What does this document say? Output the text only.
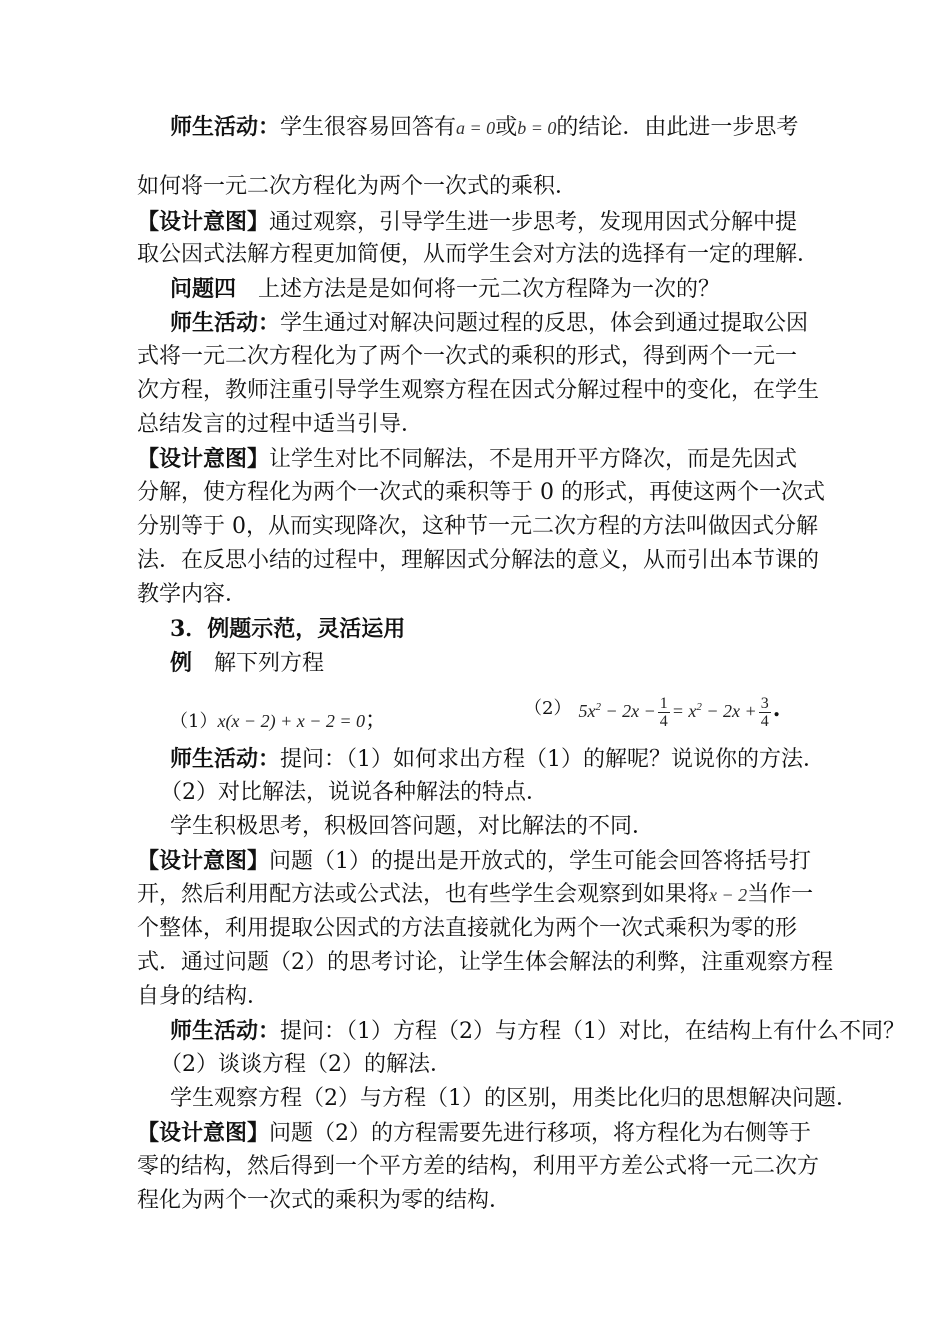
师生活动：学生很容易回答有a = 0或b = 0的结论．由此进一步思考
如何将一元二次方程化为两个一次式的乘积．
【设计意图】通过观察，引导学生进一步思考，发现用因式分解中提
取公因式法解方程更加简便，从而学生会对方法的选择有一定的理解．
问题四 上述方法是是如何将一元二次方程降为一次的？
师生活动：学生通过对解决问题过程的反思，体会到通过提取公因
式将一元二次方程化为了两个一次式的乘积的形式，得到两个一元一
次方程，教师注重引导学生观察方程在因式分解过程中的变化，在学生
总结发言的过程中适当引导．
【设计意图】让学生对比不同解法，不是用开平方降次，而是先因式
分解，使方程化为两个一次式的乘积等于 0 的形式，再使这两个一次式
分别等于 0，从而实现降次，这种节一元二次方程的方法叫做因式分解
法．在反思小结的过程中，理解因式分解法的意义，从而引出本节课的
教学内容．
3．例题示范，灵活运用
例 解下列方程
（1）x(x − 2) + x − 2 = 0；	（2） $5x^2 - 2x - \frac{1}{4} = x^2 - 2x + \frac{3}{4}$ .
师生活动：提问：（1）如何求出方程（1）的解呢？说说你的方法．
（2）对比解法，说说各种解法的特点．
学生积极思考，积极回答问题，对比解法的不同．
【设计意图】问题（1）的提出是开放式的，学生可能会回答将括号打
开，然后利用配方法或公式法，也有些学生会观察到如果将x − 2当作一
个整体，利用提取公因式的方法直接就化为两个一次式乘积为零的形
式．通过问题（2）的思考讨论，让学生体会解法的利弊，注重观察方程
自身的结构．
师生活动：提问：（1）方程（2）与方程（1）对比，在结构上有什么不同？
（2）谈谈方程（2）的解法．
学生观察方程（2）与方程（1）的区别，用类比化归的思想解决问题．
【设计意图】问题（2）的方程需要先进行移项，将方程化为右侧等于
零的结构，然后得到一个平方差的结构，利用平方差公式将一元二次方
程化为两个一次式的乘积为零的结构．
